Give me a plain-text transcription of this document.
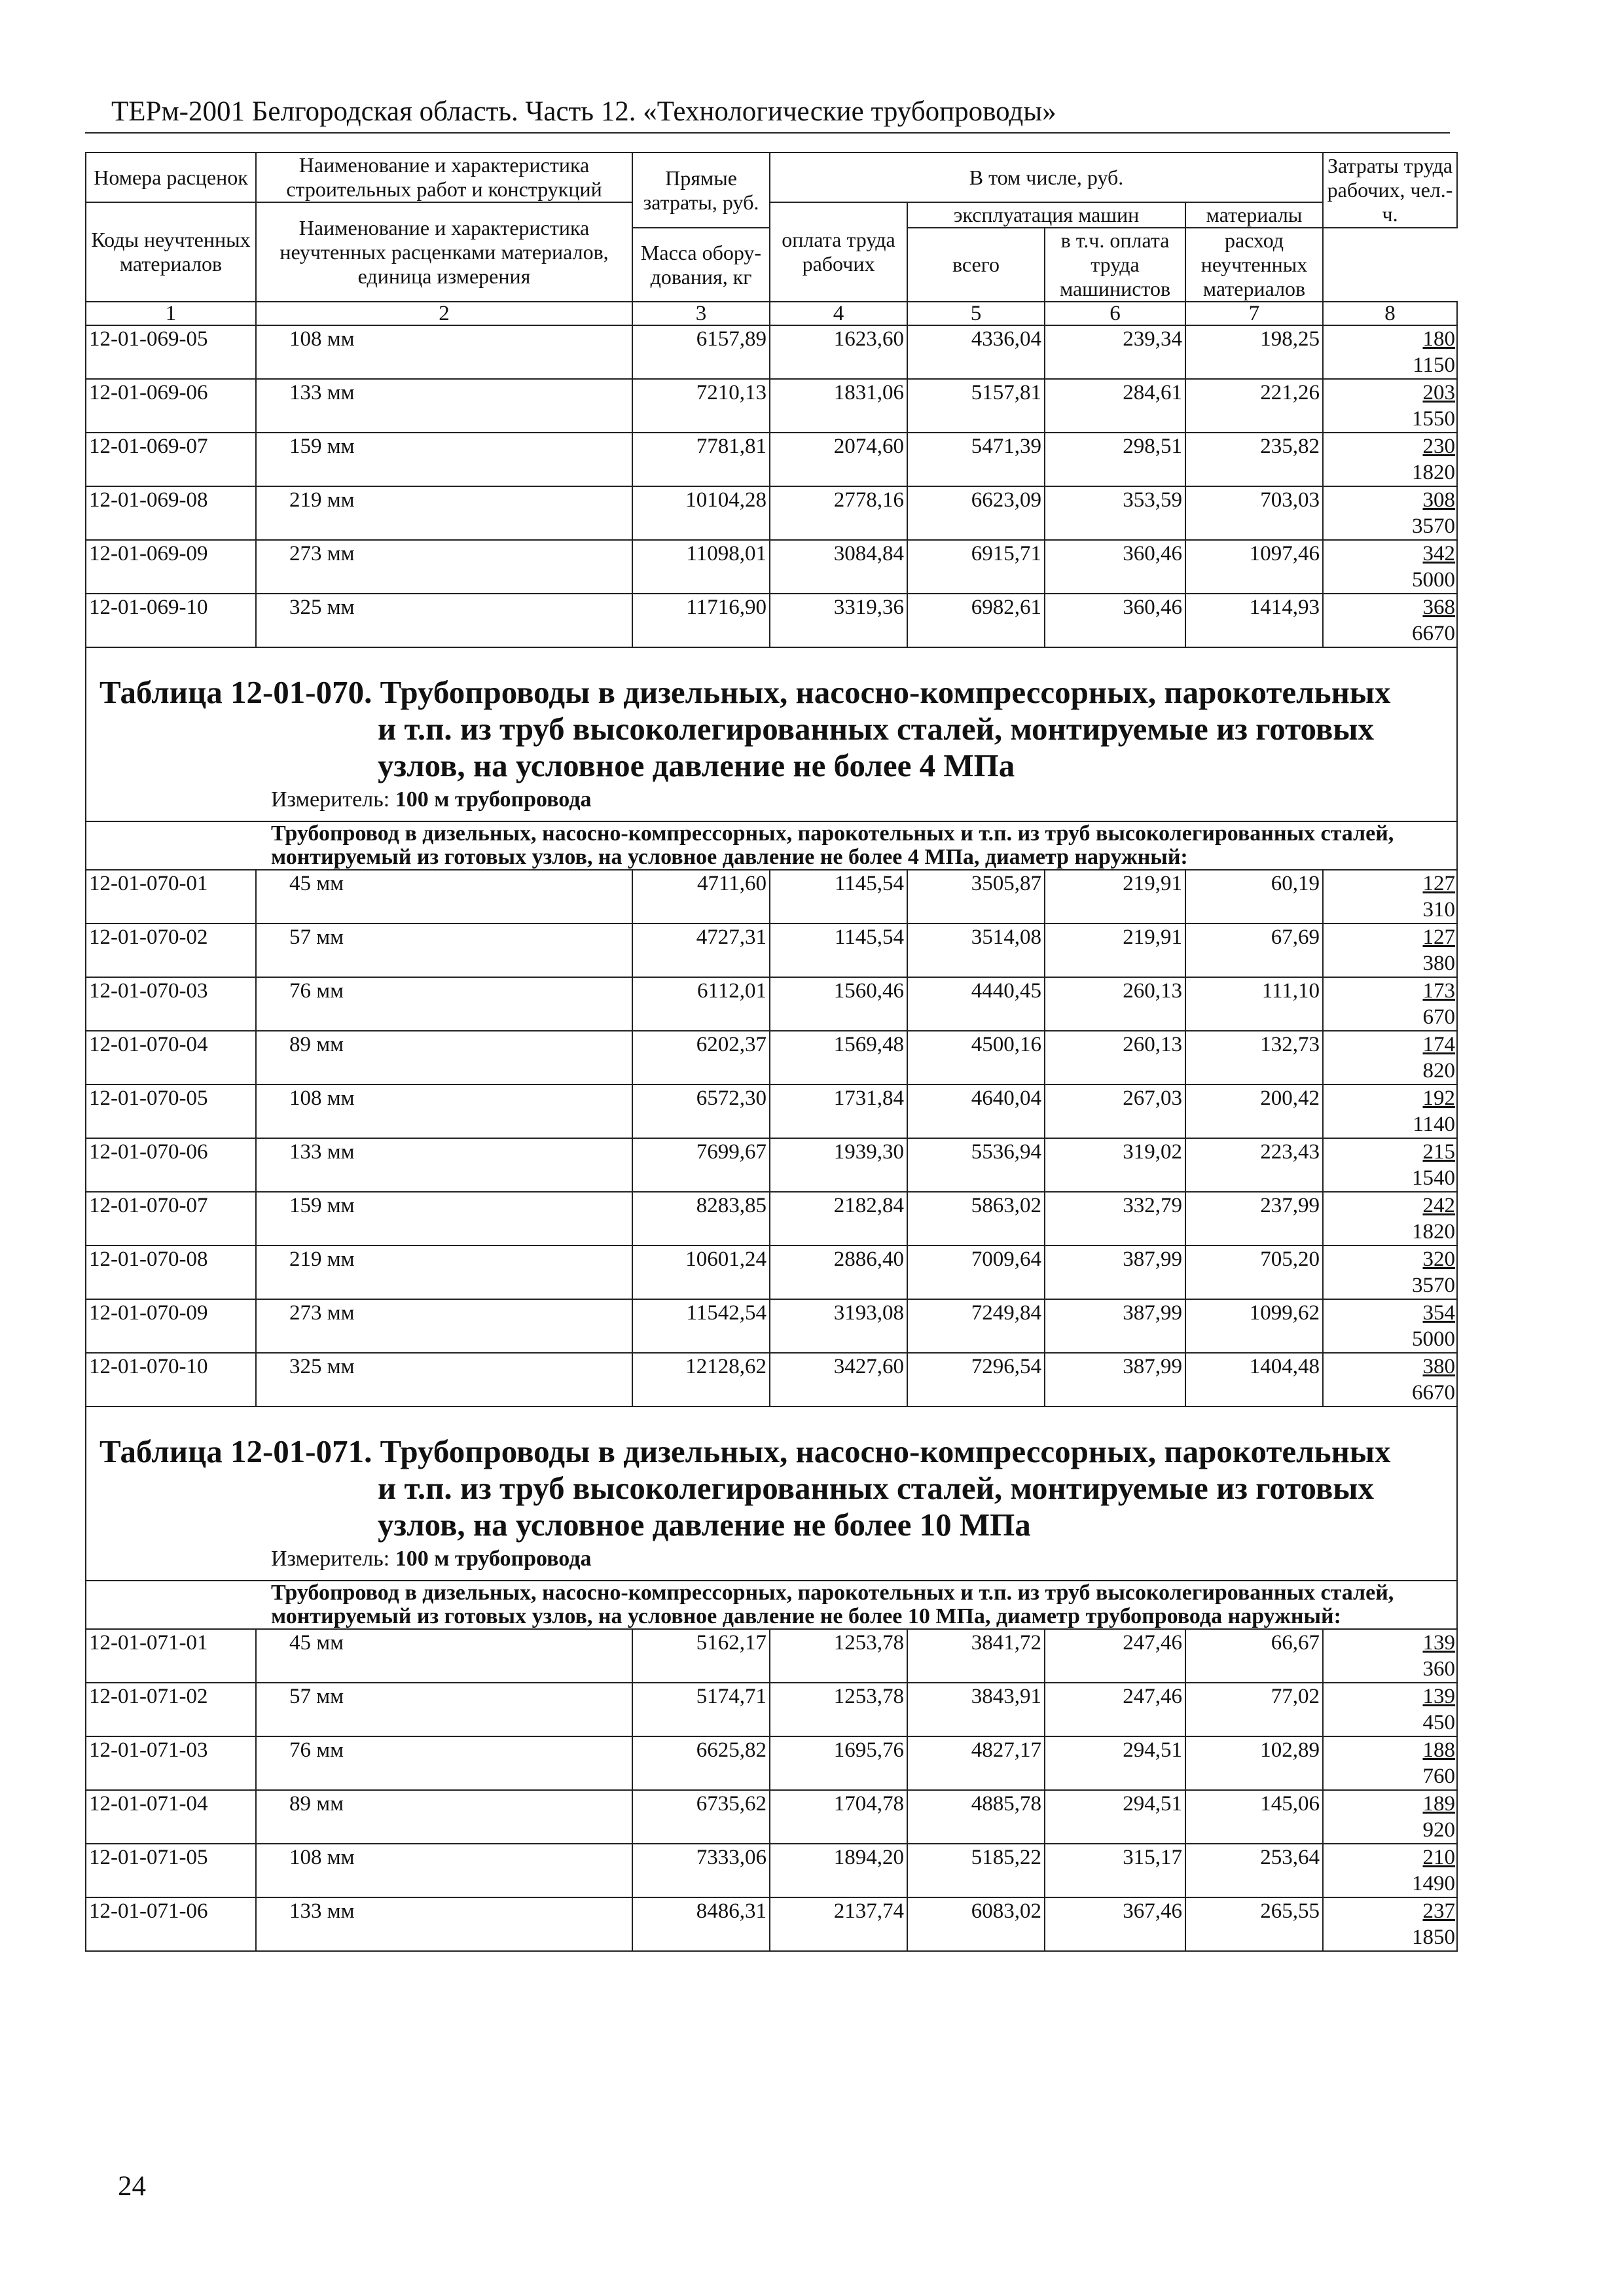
ТЕРм-2001 Белгородская область. Часть 12. «Технологические трубопроводы»
Номера расценок	Наименование и характеристика строительных работ и конструкций	Прямые затраты, руб.	В том числе, руб.				Затраты труда рабочих, чел.-ч.
Коды неучтенных материалов	Наименование и характеристика неучтенных расценками материалов, единица измерения		оплата труда рабочих	эксплуатация машин		материалы	
				всего	в т.ч. оплата труда машинистов	расход неучтенных материалов	
		Масса обору-дования, кг					
1	2	3	4	5	6	7	8
12-01-069-05	108 мм	6157,89	1623,60	4336,04	239,34	198,25	180
1150

12-01-069-06	133 мм	7210,13	1831,06	5157,81	284,61	221,26	203
1550

12-01-069-07	159 мм	7781,81	2074,60	5471,39	298,51	235,82	230
1820

12-01-069-08	219 мм	10104,28	2778,16	6623,09	353,59	703,03	308
3570

12-01-069-09	273 мм	11098,01	3084,84	6915,71	360,46	1097,46	342
5000

12-01-069-10	325 мм	11716,90	3319,36	6982,61	360,46	1414,93	368
6670

Таблица 12-01-070. Трубопроводы в дизельных, насосно-компрессорных, парокотельных
и т.п. из труб высоколегированных сталей, монтируемые из готовых
узлов, на условное давление не более 4 МПа
Измеритель: 100 м трубопровода							

Трубопровод в дизельных, насосно-компрессорных, парокотельных и т.п. из труб высоколегированных сталей, монтируемый из готовых узлов, на условное давление не более 4 МПа, диаметр наружный:							
12-01-070-01	45 мм	4711,60	1145,54	3505,87	219,91	60,19	127
310

12-01-070-02	57 мм	4727,31	1145,54	3514,08	219,91	67,69	127
380

12-01-070-03	76 мм	6112,01	1560,46	4440,45	260,13	111,10	173
670

12-01-070-04	89 мм	6202,37	1569,48	4500,16	260,13	132,73	174
820

12-01-070-05	108 мм	6572,30	1731,84	4640,04	267,03	200,42	192
1140

12-01-070-06	133 мм	7699,67	1939,30	5536,94	319,02	223,43	215
1540

12-01-070-07	159 мм	8283,85	2182,84	5863,02	332,79	237,99	242
1820

12-01-070-08	219 мм	10601,24	2886,40	7009,64	387,99	705,20	320
3570

12-01-070-09	273 мм	11542,54	3193,08	7249,84	387,99	1099,62	354
5000

12-01-070-10	325 мм	12128,62	3427,60	7296,54	387,99	1404,48	380
6670

Таблица 12-01-071. Трубопроводы в дизельных, насосно-компрессорных, парокотельных
и т.п. из труб высоколегированных сталей, монтируемые из готовых
узлов, на условное давление не более 10 МПа
Измеритель: 100 м трубопровода							

Трубопровод в дизельных, насосно-компрессорных, парокотельных и т.п. из труб высоколегированных сталей, монтируемый из готовых узлов, на условное давление не более 10 МПа, диаметр трубопровода наружный:							
12-01-071-01	45 мм	5162,17	1253,78	3841,72	247,46	66,67	139
360

12-01-071-02	57 мм	5174,71	1253,78	3843,91	247,46	77,02	139
450

12-01-071-03	76 мм	6625,82	1695,76	4827,17	294,51	102,89	188
760

12-01-071-04	89 мм	6735,62	1704,78	4885,78	294,51	145,06	189
920

12-01-071-05	108 мм	7333,06	1894,20	5185,22	315,17	253,64	210
1490

12-01-071-06	133 мм	8486,31	2137,74	6083,02	367,46	265,55	237
1850
24
